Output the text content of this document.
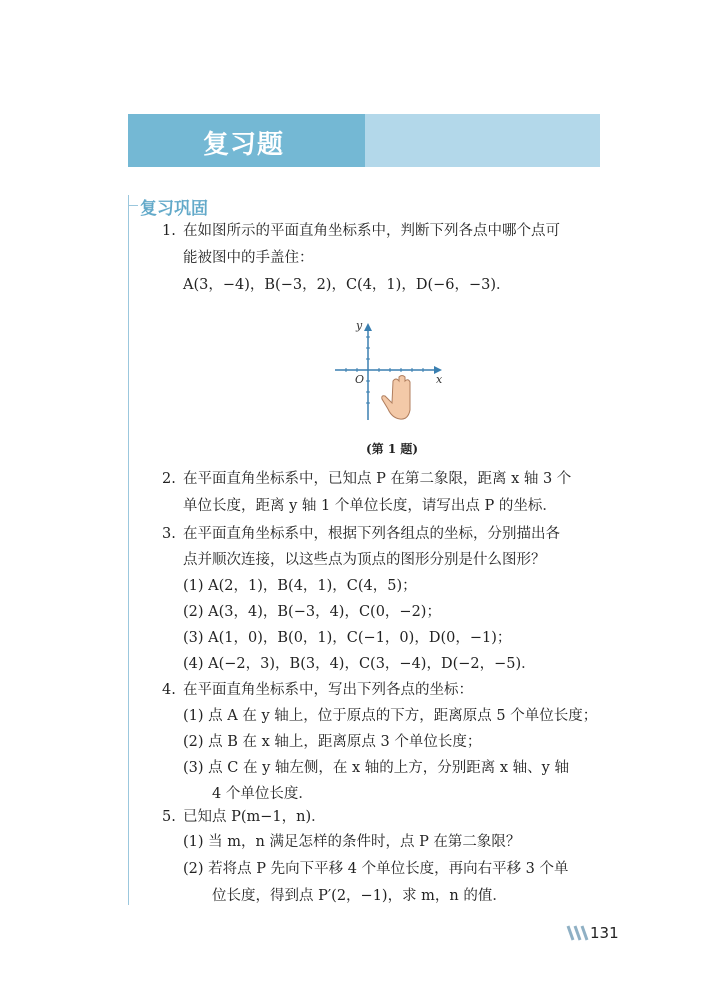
复习题
复习巩固
1. 在如图所示的平面直角坐标系中，判断下列各点中哪个点可
能被图中的手盖住：
A(3，−4)，B(−3，2)，C(4，1)，D(−6，−3)．
y
x
O
(第 1 题)
2. 在平面直角坐标系中，已知点 P 在第二象限，距离 x 轴 3 个
单位长度，距离 y 轴 1 个单位长度，请写出点 P 的坐标．
3. 在平面直角坐标系中，根据下列各组点的坐标，分别描出各
点并顺次连接，以这些点为顶点的图形分别是什么图形？
(1) A(2，1)，B(4，1)，C(4，5)；
(2) A(3，4)，B(−3，4)，C(0，−2)；
(3) A(1，0)，B(0，1)，C(−1，0)，D(0，−1)；
(4) A(−2，3)，B(3，4)，C(3，−4)，D(−2，−5)．
4. 在平面直角坐标系中，写出下列各点的坐标：
(1) 点 A 在 y 轴上，位于原点的下方，距离原点 5 个单位长度；
(2) 点 B 在 x 轴上，距离原点 3 个单位长度；
(3) 点 C 在 y 轴左侧，在 x 轴的上方，分别距离 x 轴、y 轴
4 个单位长度．
5. 已知点 P(m−1，n)．
(1) 当 m，n 满足怎样的条件时，点 P 在第二象限？
(2) 若将点 P 先向下平移 4 个单位长度，再向右平移 3 个单
位长度，得到点 P′(2，−1)，求 m，n 的值．
131
